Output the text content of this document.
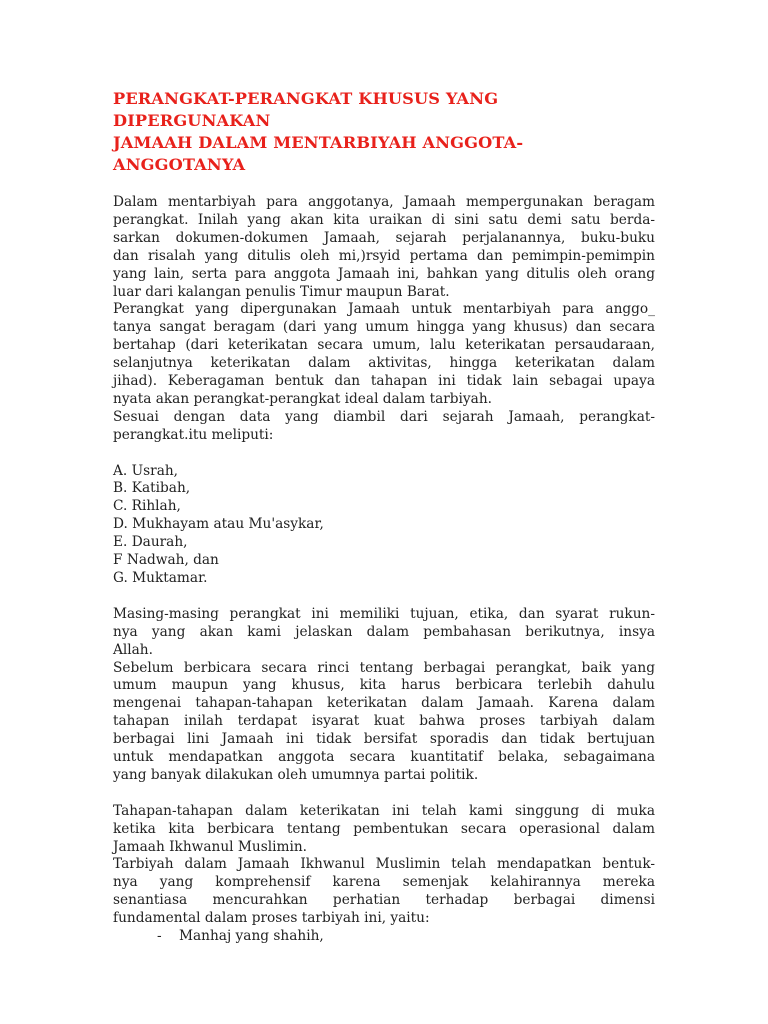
PERANGKAT-PERANGKAT KHUSUS YANG DIPERGUNAKAN
JAMAAH DALAM MENTARBIYAH ANGGOTA-ANGGOTANYA

Dalam mentarbiyah para anggotanya, Jamaah mempergunakan beragam
perangkat. Inilah yang akan kita uraikan di sini satu demi satu berda-
sarkan dokumen-dokumen Jamaah, sejarah perjalanannya, buku-buku
dan risalah yang ditulis oleh mi,)rsyid pertama dan pemimpin-pemimpin
yang lain, serta para anggota Jamaah ini, bahkan yang ditulis oleh orang
luar dari kalangan penulis Timur maupun Barat.

Perangkat yang dipergunakan Jamaah untuk mentarbiyah para anggo_
tanya sangat beragam (dari yang umum hingga yang khusus) dan secara
bertahap (dari keterikatan secara umum, lalu keterikatan persaudaraan,
selanjutnya keterikatan dalam aktivitas, hingga keterikatan dalam
jihad). Keberagaman bentuk dan tahapan ini tidak lain sebagai upaya
nyata akan perangkat-perangkat ideal dalam tarbiyah.

Sesuai dengan data yang diambil dari sejarah Jamaah, perangkat-
perangkat.itu meliputi:

A. Usrah,
B. Katibah,
C. Rihlah,
D. Mukhayam atau Mu'asykar,
E. Daurah,
F Nadwah, dan
G. Muktamar.

Masing-masing perangkat ini memiliki tujuan, etika, dan syarat rukun-
nya yang akan kami jelaskan dalam pembahasan berikutnya, insya
Allah.

Sebelum berbicara secara rinci tentang berbagai perangkat, baik yang
umum maupun yang khusus, kita harus berbicara terlebih dahulu
mengenai tahapan-tahapan keterikatan dalam Jamaah. Karena dalam
tahapan inilah terdapat isyarat kuat bahwa proses tarbiyah dalam
berbagai lini Jamaah ini tidak bersifat sporadis dan tidak bertujuan
untuk mendapatkan anggota secara kuantitatif belaka, sebagaimana
yang banyak dilakukan oleh umumnya partai politik.

Tahapan-tahapan dalam keterikatan ini telah kami singgung di muka
ketika kita berbicara tentang pembentukan secara operasional dalam
Jamaah Ikhwanul Muslimin.

Tarbiyah dalam Jamaah Ikhwanul Muslimin telah mendapatkan bentuk-
nya yang komprehensif karena semenjak kelahirannya mereka
senantiasa mencurahkan perhatian terhadap berbagai dimensi
fundamental dalam proses tarbiyah ini, yaitu:

- Manhaj yang shahih,
